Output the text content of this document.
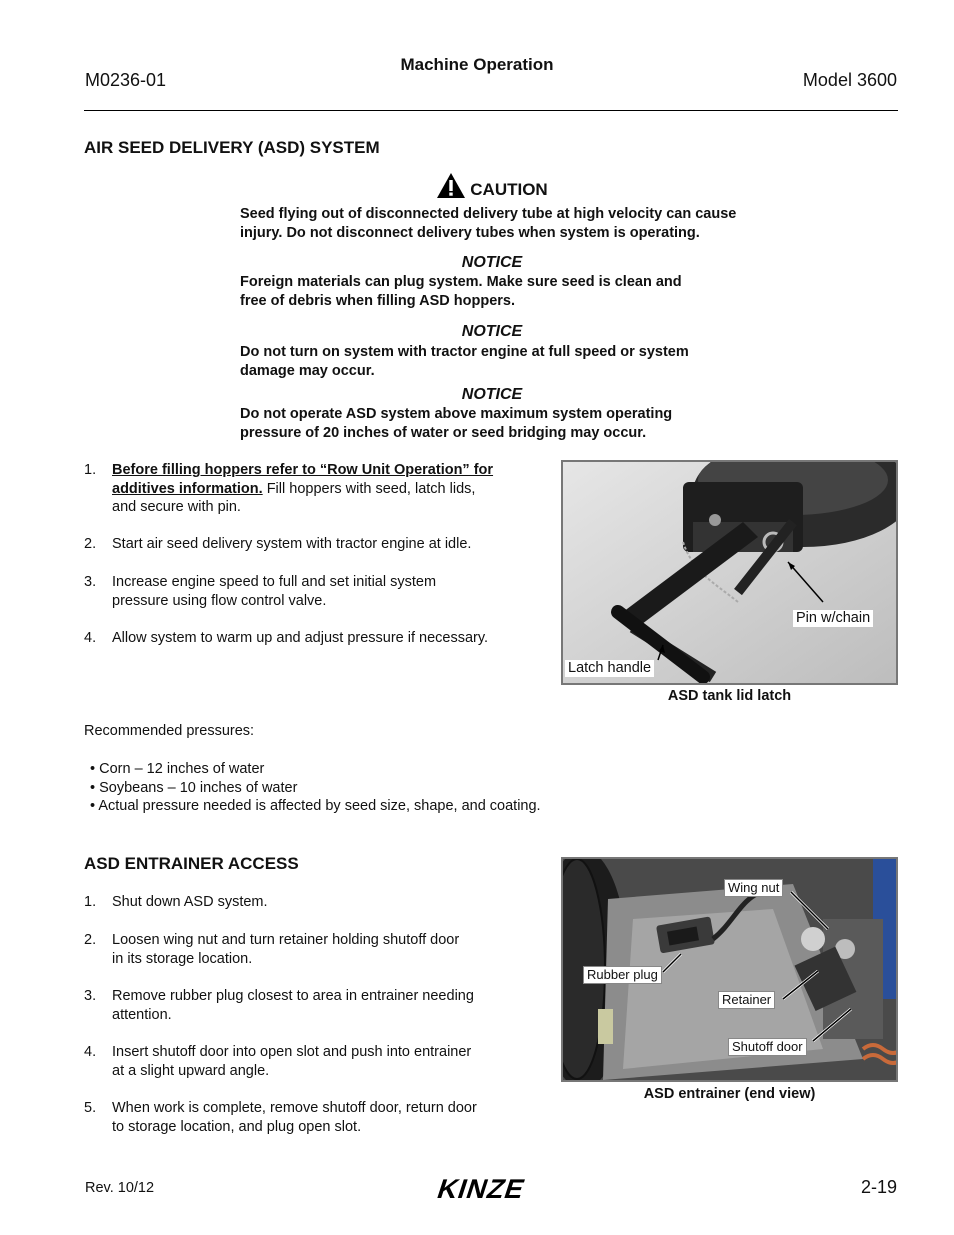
M0236-01
Machine Operation
Model 3600
AIR SEED DELIVERY (ASD) SYSTEM
CAUTION
Seed flying out of disconnected delivery tube at high velocity can cause
injury. Do not disconnect delivery tubes when system is operating.
NOTICE
Foreign materials can plug system. Make sure seed is clean and
free of debris when filling ASD hoppers.
NOTICE
Do not turn on system with tractor engine at full speed or system
damage may occur.
NOTICE
Do not operate ASD system above maximum system operating
pressure of 20 inches of water or seed bridging may occur.
1.	Before filling hoppers refer to “Row Unit Operation” for
additives information. Fill hoppers with seed, latch lids,
and secure with pin.
2.	Start air seed delivery system with tractor engine at idle.
3.	Increase engine speed to full and set initial system
pressure using flow control valve.
4.	Allow system to warm up and adjust pressure if necessary.
Pin w/chain
Latch handle
ASD tank lid latch
Recommended pressures:
• Corn – 12 inches of water
• Soybeans – 10 inches of water
• Actual pressure needed is affected by seed size, shape, and coating.
ASD ENTRAINER ACCESS
1.	Shut down ASD system.
2.	Loosen wing nut and turn retainer holding shutoff door
in its storage location.
3.	Remove rubber plug closest to area in entrainer needing
attention.
4.	Insert shutoff door into open slot and push into entrainer
at a slight upward angle.
5.	When work is complete, remove shutoff door, return door
to storage location, and plug open slot.
Wing nut
Rubber plug
Retainer
Shutoff door
ASD entrainer (end view)
Rev. 10/12	KINZE	2-19
